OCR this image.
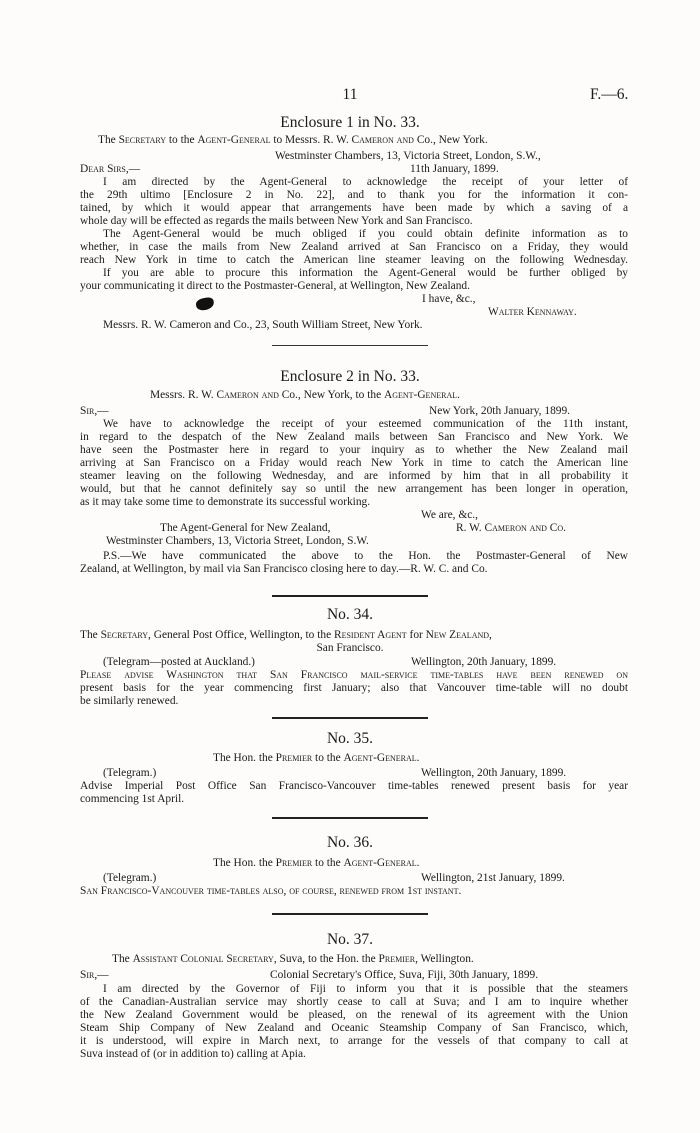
11	F.—6.
Enclosure 1 in No. 33.
The Secretary to the Agent-General to Messrs. R. W. Cameron and Co., New York.
Westminster Chambers, 13, Victoria Street, London, S.W.,
Dear Sirs,—	11th January, 1899.
I am directed by the Agent-General to acknowledge the receipt of your letter of
the 29th ultimo [Enclosure 2 in No. 22], and to thank you for the information it con-
tained, by which it would appear that arrangements have been made by which a saving of a
whole day will be effected as regards the mails between New York and San Francisco.
The Agent-General would be much obliged if you could obtain definite information as to
whether, in case the mails from New Zealand arrived at San Francisco on a Friday, they would
reach New York in time to catch the American line steamer leaving on the following Wednesday.
If you are able to procure this information the Agent-General would be further obliged by
your communicating it direct to the Postmaster-General, at Wellington, New Zealand.
I have, &c.,
Walter Kennaway.
Messrs. R. W. Cameron and Co., 23, South William Street, New York.
Enclosure 2 in No. 33.
Messrs. R. W. Cameron and Co., New York, to the Agent-General.
Sir,—	New York, 20th January, 1899.
We have to acknowledge the receipt of your esteemed communication of the 11th instant,
in regard to the despatch of the New Zealand mails between San Francisco and New York. We
have seen the Postmaster here in regard to your inquiry as to whether the New Zealand mail
arriving at San Francisco on a Friday would reach New York in time to catch the American line
steamer leaving on the following Wednesday, and are informed by him that in all probability it
would, but that he cannot definitely say so until the new arrangement has been longer in operation,
as it may take some time to demonstrate its successful working.
We are, &c.,
The Agent-General for New Zealand,	R. W. Cameron and Co.
Westminster Chambers, 13, Victoria Street, London, S.W.
P.S.—We have communicated the above to the Hon. the Postmaster-General of New
Zealand, at Wellington, by mail via San Francisco closing here to day.—R. W. C. and Co.
No. 34.
The Secretary, General Post Office, Wellington, to the Resident Agent for New Zealand,
San Francisco.
(Telegram—posted at Auckland.)	Wellington, 20th January, 1899.
Please advise Washington that San Francisco mail-service time-tables have been renewed on
present basis for the year commencing first January; also that Vancouver time-table will no doubt
be similarly renewed.
No. 35.
The Hon. the Premier to the Agent-General.
(Telegram.)	Wellington, 20th January, 1899.
Advise Imperial Post Office San Francisco-Vancouver time-tables renewed present basis for year
commencing 1st April.
No. 36.
The Hon. the Premier to the Agent-General.
(Telegram.)	Wellington, 21st January, 1899.
San Francisco-Vancouver time-tables also, of course, renewed from 1st instant.
No. 37.
The Assistant Colonial Secretary, Suva, to the Hon. the Premier, Wellington.
Sir,—	Colonial Secretary's Office, Suva, Fiji, 30th January, 1899.
I am directed by the Governor of Fiji to inform you that it is possible that the steamers
of the Canadian-Australian service may shortly cease to call at Suva; and I am to inquire whether
the New Zealand Government would be pleased, on the renewal of its agreement with the Union
Steam Ship Company of New Zealand and Oceanic Steamship Company of San Francisco, which,
it is understood, will expire in March next, to arrange for the vessels of that company to call at
Suva instead of (or in addition to) calling at Apia.
